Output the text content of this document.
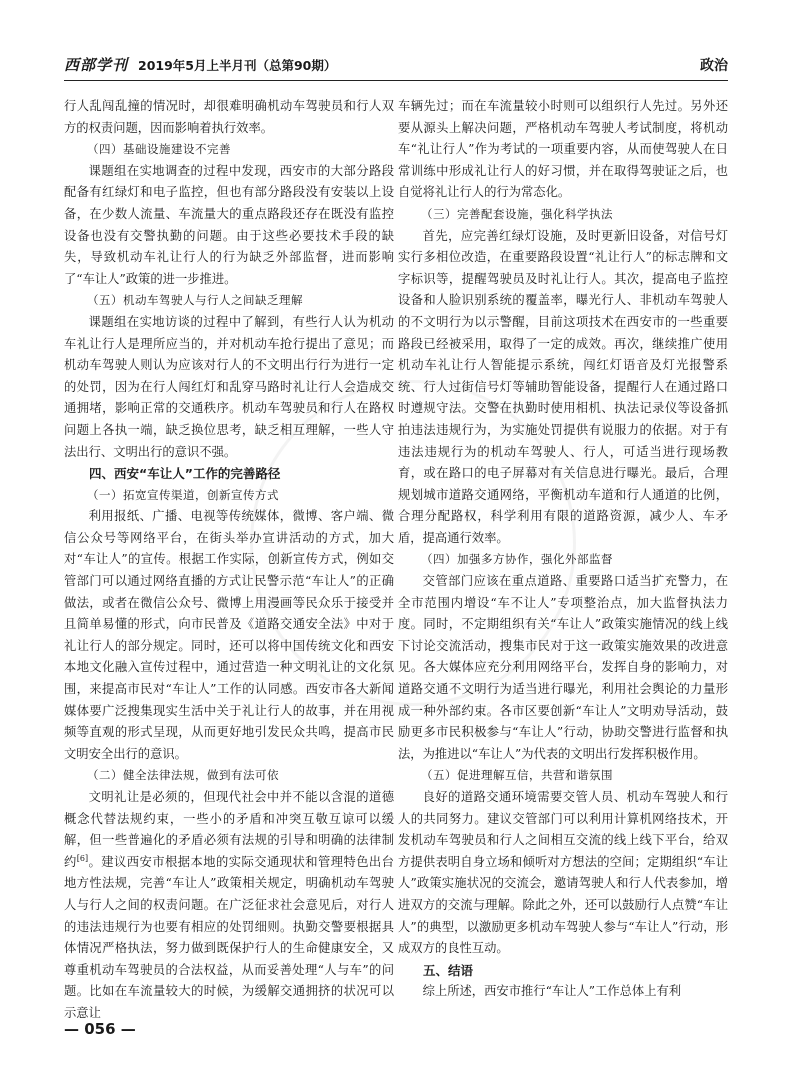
西部学刊 2019年5月上半月刊（总第90期）	政治

行人乱闯乱撞的情况时，却很难明确机动车驾驶员和行人双方的权责问题，因而影响着执行效率。

（四）基础设施建设不完善

课题组在实地调查的过程中发现，西安市的大部分路段配备有红绿灯和电子监控，但也有部分路段没有安装以上设备，在少数人流量、车流量大的重点路段还存在既没有监控设备也没有交警执勤的问题。由于这些必要技术手段的缺失，导致机动车礼让行人的行为缺乏外部监督，进而影响了“车让人”政策的进一步推进。

（五）机动车驾驶人与行人之间缺乏理解

课题组在实地访谈的过程中了解到，有些行人认为机动车礼让行人是理所应当的，并对机动车抢行提出了意见；而机动车驾驶人则认为应该对行人的不文明出行行为进行一定的处罚，因为在行人闯红灯和乱穿马路时礼让行人会造成交通拥堵，影响正常的交通秩序。机动车驾驶员和行人在路权问题上各执一端，缺乏换位思考，缺乏相互理解，一些人守法出行、文明出行的意识不强。

四、西安“车让人”工作的完善路径

（一）拓宽宣传渠道，创新宣传方式

利用报纸、广播、电视等传统媒体，微博、客户端、微信公众号等网络平台，在街头举办宣讲活动的方式，加大对“车让人”的宣传。根据工作实际，创新宣传方式，例如交管部门可以通过网络直播的方式让民警示范“车让人”的正确做法，或者在微信公众号、微博上用漫画等民众乐于接受并且简单易懂的形式，向市民普及《道路交通安全法》中对于礼让行人的部分规定。同时，还可以将中国传统文化和西安本地文化融入宣传过程中，通过营造一种文明礼让的文化氛围，来提高市民对“车让人”工作的认同感。西安市各大新闻媒体要广泛搜集现实生活中关于礼让行人的故事，并在用视频等直观的形式呈现，从而更好地引发民众共鸣，提高市民文明安全出行的意识。

（二）健全法律法规，做到有法可依

文明礼让是必须的，但现代社会中并不能以含混的道德概念代替法规约束，一些小的矛盾和冲突互敬互谅可以缓解，但一些普遍化的矛盾必须有法规的引导和明确的法律制约[6]。建议西安市根据本地的实际交通现状和管理特色出台地方性法规，完善“车让人”政策相关规定，明确机动车驾驶人与行人之间的权责问题。在广泛征求社会意见后，对行人的违法违规行为也要有相应的处罚细则。执勤交警要根据具体情况严格执法，努力做到既保护行人的生命健康安全，又尊重机动车驾驶员的合法权益，从而妥善处理“人与车”的问题。比如在车流量较大的时候，为缓解交通拥挤的状况可以示意让

车辆先过；而在车流量较小时则可以组织行人先过。另外还要从源头上解决问题，严格机动车驾驶人考试制度，将机动车“礼让行人”作为考试的一项重要内容，从而使驾驶人在日常训练中形成礼让行人的好习惯，并在取得驾驶证之后，也自觉将礼让行人的行为常态化。

（三）完善配套设施，强化科学执法

首先，应完善红绿灯设施，及时更新旧设备，对信号灯实行多相位改造，在重要路段设置“礼让行人”的标志牌和文字标识等，提醒驾驶员及时礼让行人。其次，提高电子监控设备和人脸识别系统的覆盖率，曝光行人、非机动车驾驶人的不文明行为以示警醒，目前这项技术在西安市的一些重要路段已经被采用，取得了一定的成效。再次，继续推广使用机动车礼让行人智能提示系统，闯红灯语音及灯光报警系统、行人过街信号灯等辅助智能设备，提醒行人在通过路口时遵规守法。交警在执勤时使用相机、执法记录仪等设备抓拍违法违规行为，为实施处罚提供有说服力的依据。对于有违法违规行为的机动车驾驶人、行人，可适当进行现场教育，或在路口的电子屏幕对有关信息进行曝光。最后，合理规划城市道路交通网络，平衡机动车道和行人通道的比例，合理分配路权，科学利用有限的道路资源，减少人、车矛盾，提高通行效率。

（四）加强多方协作，强化外部监督

交管部门应该在重点道路、重要路口适当扩充警力，在全市范围内增设“车不让人”专项整治点，加大监督执法力度。同时，不定期组织有关“车让人”政策实施情况的线上线下讨论交流活动，搜集市民对于这一政策实施效果的改进意见。各大媒体应充分利用网络平台，发挥自身的影响力，对道路交通不文明行为适当进行曝光，利用社会舆论的力量形成一种外部约束。各市区要创新“车让人”文明劝导活动，鼓励更多市民积极参与“车让人”行动，协助交警进行监督和执法，为推进以“车让人”为代表的文明出行发挥积极作用。

（五）促进理解互信，共营和谐氛围

良好的道路交通环境需要交管人员、机动车驾驶人和行人的共同努力。建议交管部门可以利用计算机网络技术，开发机动车驾驶员和行人之间相互交流的线上线下平台，给双方提供表明自身立场和倾听对方想法的空间；定期组织“车让人”政策实施状况的交流会，邀请驾驶人和行人代表参加，增进双方的交流与理解。除此之外，还可以鼓励行人点赞“车让人”的典型，以激励更多机动车驾驶人参与“车让人”行动，形成双方的良性互动。

五、结语

综上所述，西安市推行“车让人”工作总体上有利

— 056 —
